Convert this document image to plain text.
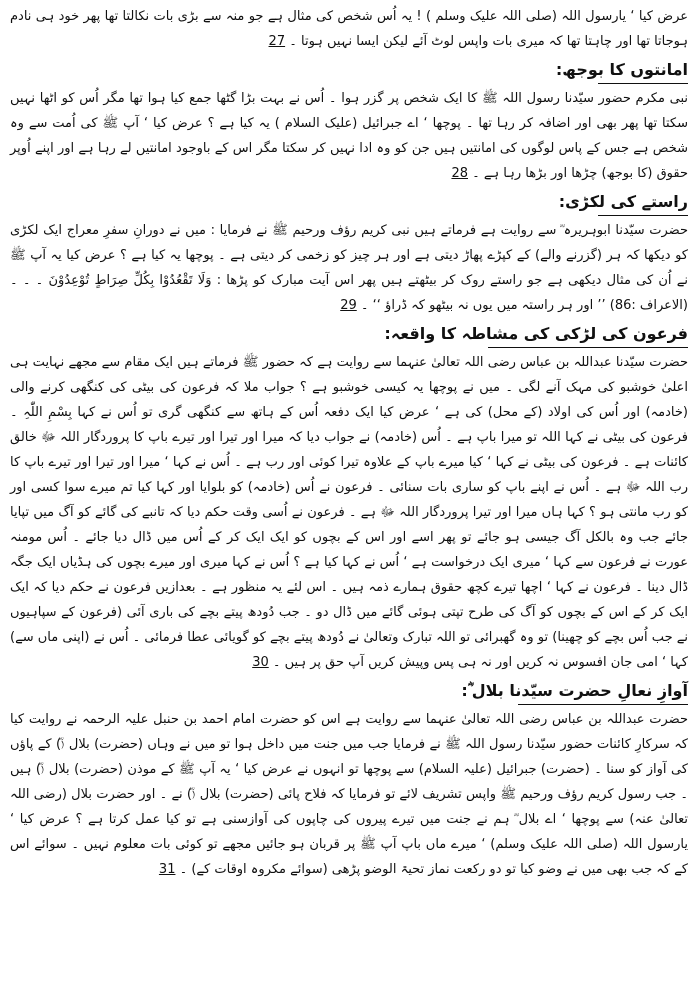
عرض کیا ‘ یارسول اللہ (صلی اللہ علیک وسلم ) ! یہ اُس شخص کی مثال ہے جو منہ سے بڑی بات نکالتا تھا پھر خود ہی نادم ہوجاتا تھا اور چاہتا تھا کہ میری بات واپس لوٹ آئے لیکن ایسا نہیں ہوتا ۔ 27

امانتوں کا بوجھ:

نبی مکرم حضور سیّدنا رسول اللہ ﷺ کا ایک شخص پر گزر ہوا ۔ اُس نے بہت بڑا گٹھا جمع کیا ہوا تھا مگر اُس کو اٹھا نہیں سکتا تھا پھر بھی اور اضافہ کر رہا تھا ۔ پوچھا ‘ اے جبرائیل (علیک السلام ) یہ کیا ہے ؟ عرض کیا ‘ آپ ﷺ کی اُمت سے وہ شخص ہے جس کے پاس لوگوں کی امانتیں ہیں جن کو وہ ادا نہیں کر سکتا مگر اس کے باوجود امانتیں لے رہا ہے اور اپنے اُوپر حقوق (کا بوجھ) چڑھا اور بڑھا رہا ہے ۔ 28

راستے کی لکڑی:

حضرت سیّدنا ابوہریرہ ؓ سے روایت ہے فرماتے ہیں نبی کریم رؤف ورحیم ﷺ نے فرمایا : میں نے دورانِ سفرِ معراج ایک لکڑی کو دیکھا کہ ہر (گزرنے والے) کے کپڑے پھاڑ دیتی ہے اور ہر چیز کو زخمی کر دیتی ہے ۔ پوچھا یہ کیا ہے ؟ عرض کیا یہ آپ ﷺ نے اُن کی مثال دیکھی ہے جو راستے روک کر بیٹھتے ہیں پھر اس آیت مبارک کو پڑھا : وَلَا تَقْعُدُوْا بِکُلِّ صِرَاطٍ تُوْعِدُوْنَ ۔ ۔ ۔ (الاعراف :86) ’’ اور ہر راستہ میں یوں نہ بیٹھو کہ ڈراؤ ‘‘ ۔ 29

فرعون کی لڑکی کی مشاطہ کا واقعہ:

حضرت سیّدنا عبداللہ بن عباس رضی اللہ تعالیٰ عنہما سے روایت ہے کہ حضور ﷺ فرماتے ہیں ایک مقام سے مجھے نہایت ہی اعلیٰ خوشبو کی مہک آنے لگی ۔ میں نے پوچھا یہ کیسی خوشبو ہے ؟ جواب ملا کہ فرعون کی بیٹی کی کنگھی کرنے والی (خادمہ) اور اُس کی اولاد (کے محل) کی ہے ‘ عرض کیا ایک دفعہ اُس کے ہاتھ سے کنگھی گری تو اُس نے کہا بِسْمِ اللّٰہِ ۔ فرعون کی بیٹی نے کہا اللہ تو میرا باپ ہے ۔ اُس (خادمہ) نے جواب دیا کہ میرا اور تیرا اور تیرے باپ کا پروردگار اللہ ﷻ خالق کائنات ہے ۔ فرعون کی بیٹی نے کہا ‘ کیا میرے باپ کے علاوہ تیرا کوئی اور رب ہے ۔ اُس نے کہا ‘ میرا اور تیرا اور تیرے باپ کا رب اللہ ﷻ ہے ۔ اُس نے اپنے باپ کو ساری بات سنائی ۔ فرعون نے اُس (خادمہ) کو بلوایا اور کہا کیا تم میرے سوا کسی اور کو رب مانتی ہو ؟ کہا ہاں میرا اور تیرا پروردگار اللہ ﷻ ہے ۔ فرعون نے اُسی وقت حکم دیا کہ تانبے کی گائے کو آگ میں تپایا جائے جب وہ بالکل آگ جیسی ہو جائے تو پھر اسے اور اس کے بچوں کو ایک ایک کر کے اُس میں ڈال دیا جائے ۔ اُس مومنہ عورت نے فرعون سے کہا ‘ میری ایک درخواست ہے ‘ اُس نے کہا کیا ہے ؟ اُس نے کہا میری اور میرے بچوں کی ہڈیاں ایک جگہ ڈال دینا ۔ فرعون نے کہا ‘ اچھا تیرے کچھ حقوق ہمارے ذمہ ہیں ۔ اس لئے یہ منظور ہے ۔ بعدازیں فرعون نے حکم دیا کہ ایک ایک کر کے اس کے بچوں کو آگ کی طرح تپتی ہوئی گائے میں ڈال دو ۔ جب دُودھ پیتے بچے کی باری آئی (فرعون کے سپاہیوں نے جب اُس بچے کو چھینا) تو وہ گھبرائی تو اللہ تبارک وتعالیٰ نے دُودھ پیتے بچے کو گویائی عطا فرمائی ۔ اُس نے (اپنی ماں سے) کہا ‘ امی جان افسوس نہ کریں اور نہ ہی پس وپیش کریں آپ حق پر ہیں ۔ 30

آوازِ نعالِ حضرت سیّدنا بلال ؓ:

حضرت عبداللہ بن عباس رضی اللہ تعالیٰ عنہما سے روایت ہے اس کو حضرت امام احمد بن حنبل علیہ الرحمہ نے روایت کیا کہ سرکارِ کائنات حضور سیّدنا رسول اللہ ﷺ نے فرمایا جب میں جنت میں داخل ہوا تو میں نے وہاں (حضرت) بلال (ؓ) کے پاؤں کی آواز کو سنا ۔ (حضرت) جبرائیل (علیہ السلام) سے پوچھا تو انہوں نے عرض کیا ‘ یہ آپ ﷺ کے موذن (حضرت) بلال (ؓ) ہیں ۔ جب رسول کریم رؤف ورحیم ﷺ واپس تشریف لائے تو فرمایا کہ فلاح پائی (حضرت) بلال (ؓ) نے ۔ اور حضرت بلال (رضی اللہ تعالیٰ عنہ) سے پوچھا ‘ اے بلال ؓ ہم نے جنت میں تیرے پیروں کی چاپوں کی آوازسنی ہے تو کیا عمل کرتا ہے ؟ عرض کیا ‘ یارسول اللہ (صلی اللہ علیک وسلم) ‘ میرے ماں باپ آپ ﷺ پر قربان ہو جائیں مجھے تو کوئی بات معلوم نہیں ۔ سوائے اس کے کہ جب بھی میں نے وضو کیا تو دو رکعت نماز تحیۃ الوضو پڑھی (سوائے مکروہ اوقات کے) ۔ 31
